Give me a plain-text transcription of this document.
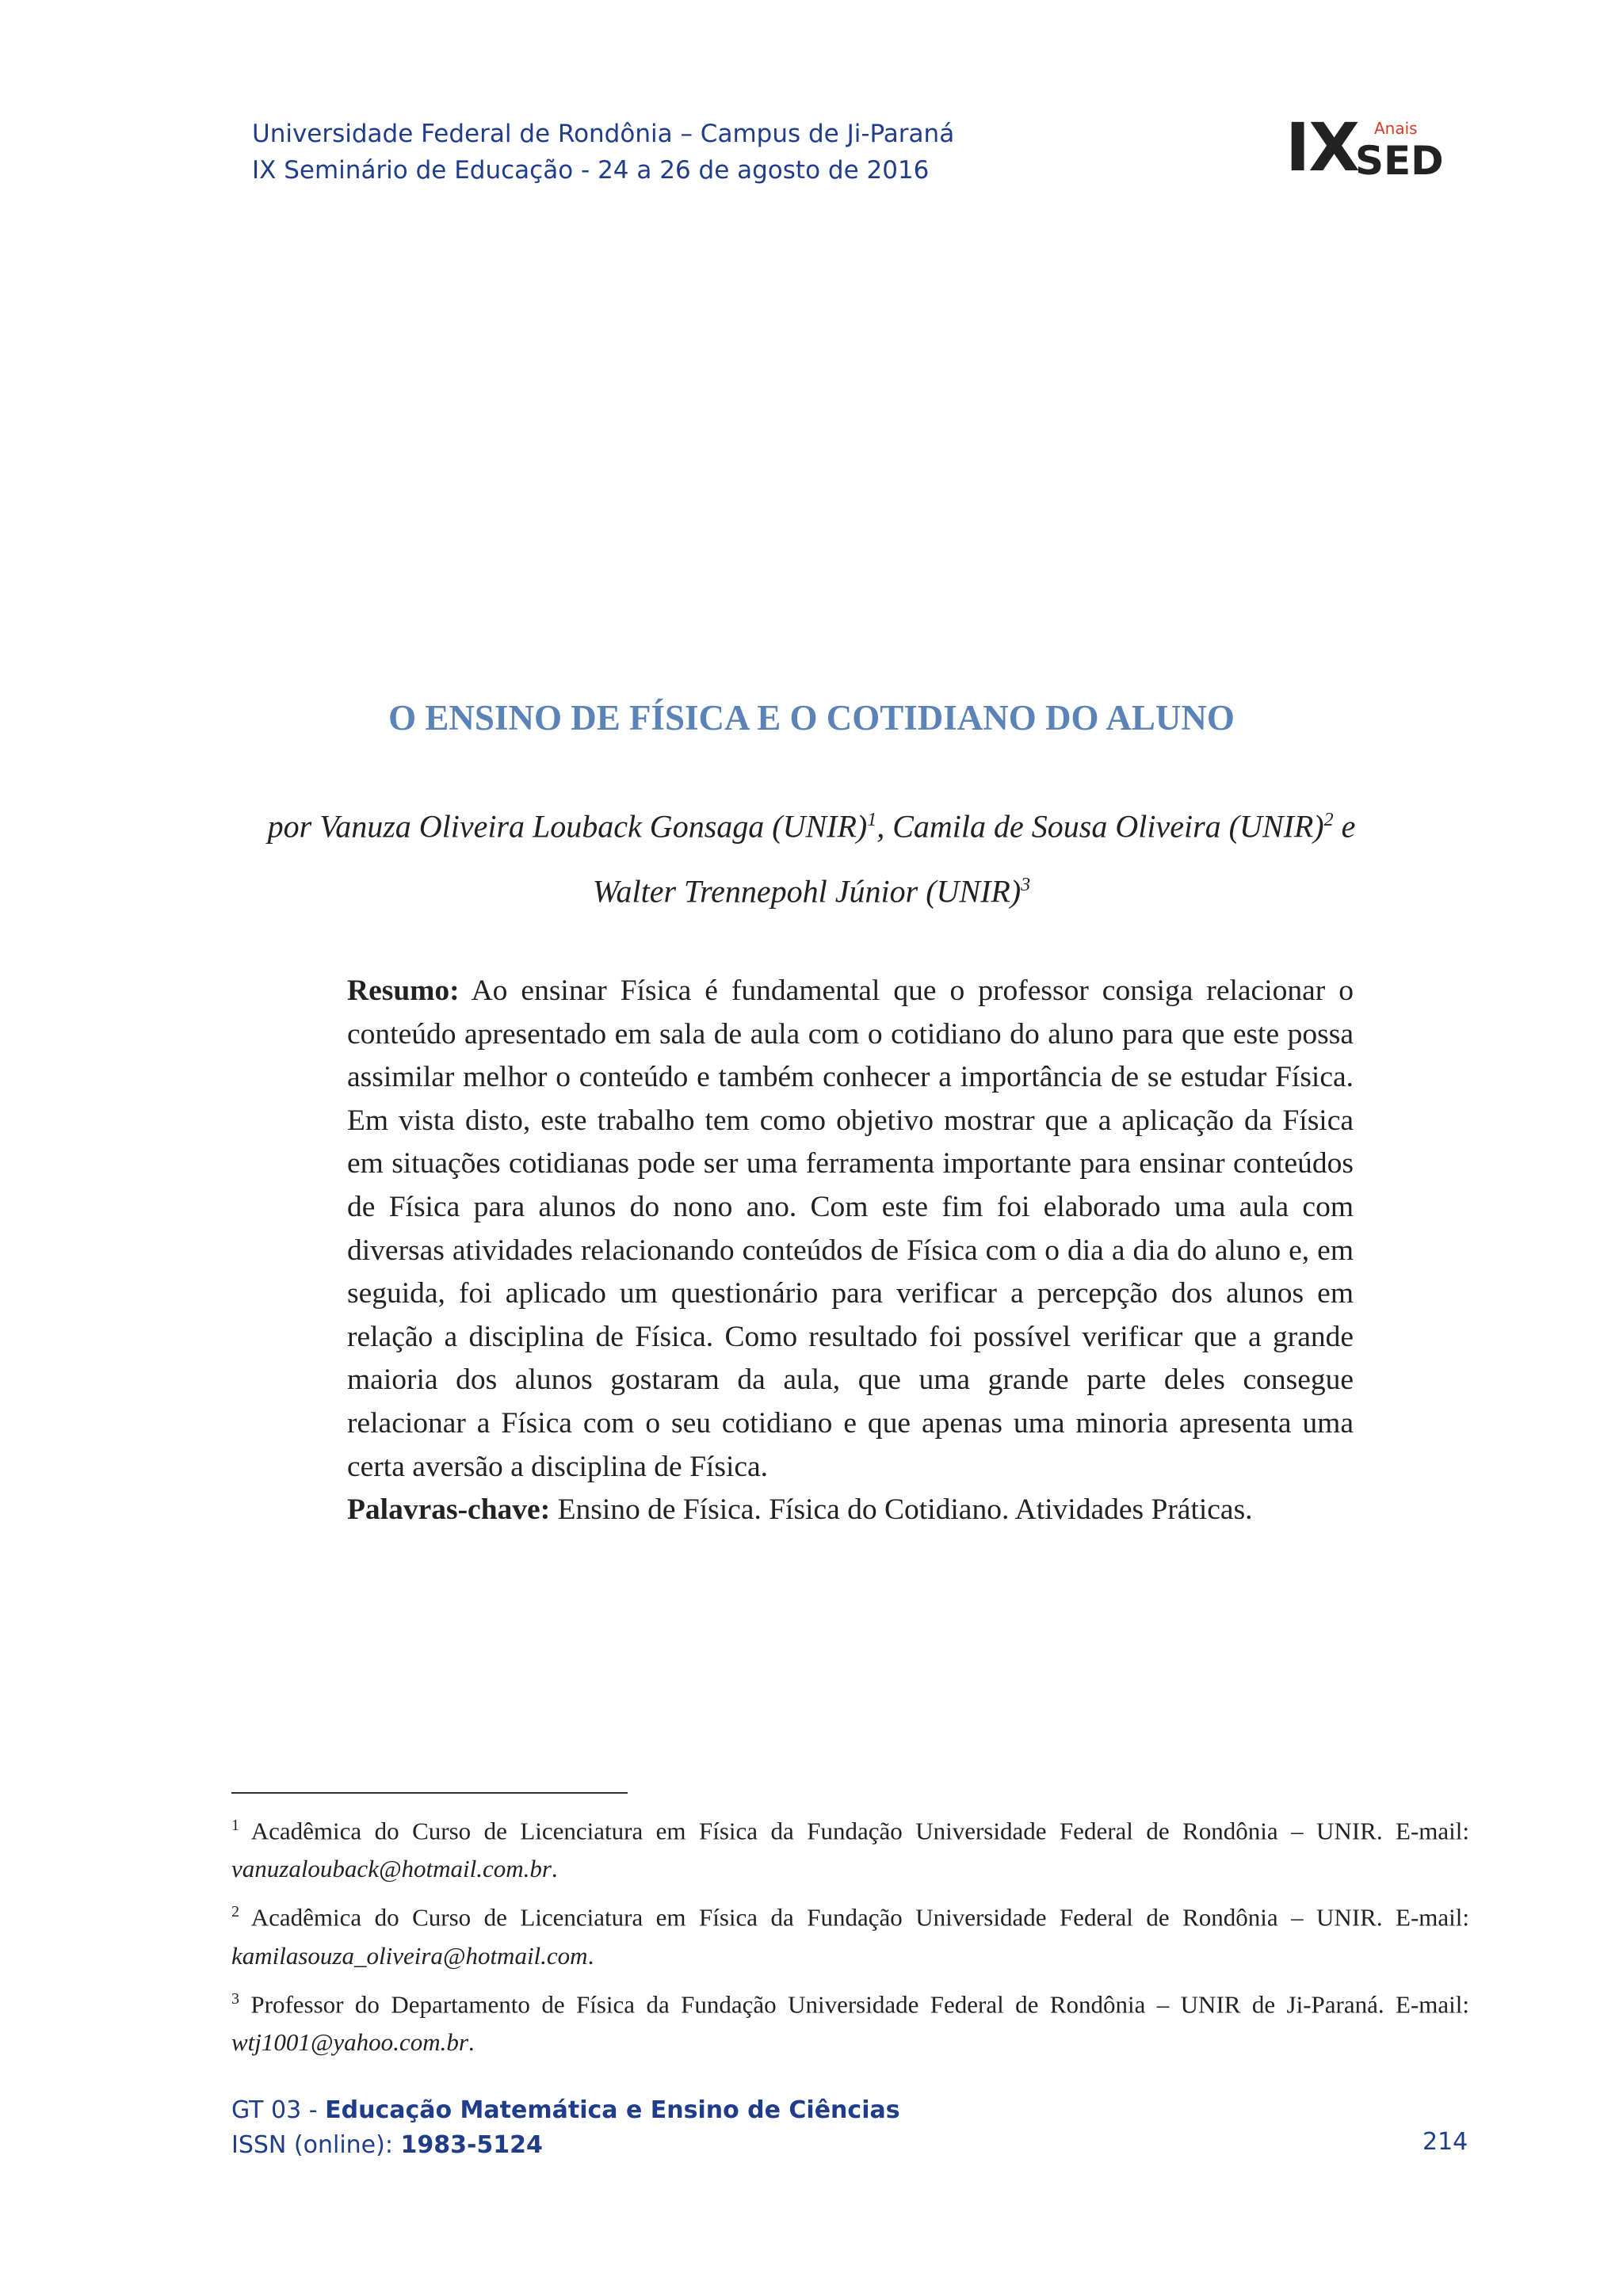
Universidade Federal de Rondônia – Campus de Ji-Paraná
IX Seminário de Educação - 24 a 26 de agosto de 2016	IX Anais
SED
O ENSINO DE FÍSICA E O COTIDIANO DO ALUNO
por Vanuza Oliveira Louback Gonsaga (UNIR)$^1$, Camila de Sousa Oliveira (UNIR)$^2$ e
Walter Trennepohl Júnior (UNIR)$^3$

Resumo: Ao ensinar Física é fundamental que o professor consiga relacionar o conteúdo apresentado em sala de aula com o cotidiano do aluno para que este possa assimilar melhor o conteúdo e também conhecer a importância de se estudar Física. Em vista disto, este trabalho tem como objetivo mostrar que a aplicação da Física em situações cotidianas pode ser uma ferramenta importante para ensinar conteúdos de Física para alunos do nono ano. Com este fim foi elaborado uma aula com diversas atividades relacionando conteúdos de Física com o dia a dia do aluno e, em seguida, foi aplicado um questionário para verificar a percepção dos alunos em relação a disciplina de Física. Como resultado foi possível verificar que a grande maioria dos alunos gostaram da aula, que uma grande parte deles consegue relacionar a Física com o seu cotidiano e que apenas uma minoria apresenta uma certa aversão a disciplina de Física.

Palavras-chave: Ensino de Física. Física do Cotidiano. Atividades Práticas.

$^1$ Acadêmica do Curso de Licenciatura em Física da Fundação Universidade Federal de Rondônia – UNIR. E-mail: vanuzalouback@hotmail.com.br.

$^2$ Acadêmica do Curso de Licenciatura em Física da Fundação Universidade Federal de Rondônia – UNIR. E-mail: kamilasouza_oliveira@hotmail.com.

$^3$ Professor do Departamento de Física da Fundação Universidade Federal de Rondônia – UNIR de Ji-Paraná. E-mail: wtj1001@yahoo.com.br.

GT 03 - Educação Matemática e Ensino de Ciências
ISSN (online): 1983-5124	214
